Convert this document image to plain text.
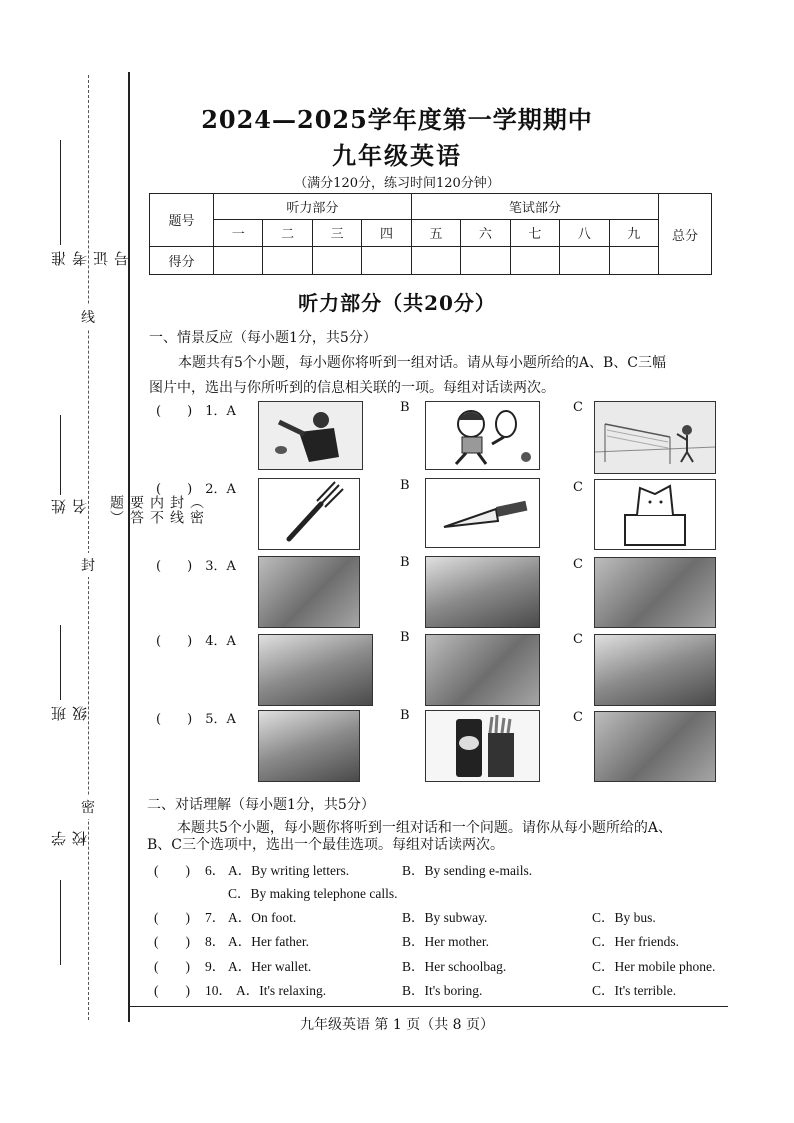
准考证号
姓名
班级
学校
线
封
密
（密封线内不要答题）
2024—2025学年度第一学期期中
九年级英语
（满分120分，练习时间120分钟）
题号	听力部分				笔试部分					总分
	一	二	三	四	五	六	七	八	九	
得分										
听力部分（共20分）
一、情景反应（每小题1分，共5分）
本题共有5个小题，每小题你将听到一组对话。请从每小题所给的A、B、C三幅
图片中，选出与你所听到的信息相关联的一项。每组对话读两次。
(　　) 1．A	B	C
(　　) 2．A	B	C
(　　) 3．A	B	C
(　　) 4．A	B	C
(　　) 5．A	B	C
二、对话理解（每小题1分，共5分）
本题共5个小题，每小题你将听到一组对话和一个问题。请你从每小题所给的A、
B、C三个选项中，选出一个最佳选项。每组对话读两次。
(　　) 6． A．By writing letters.	B．By sending e-mails.
C．By making telephone calls.
(　　) 7． A．On foot.	B．By subway.	C．By bus.
(　　) 8． A．Her father.	B．Her mother.	C．Her friends.
(　　) 9． A．Her wallet.	B．Her schoolbag.	C．Her mobile phone.
(　　) 10． A．It's relaxing.	B．It's boring.	C．It's terrible.
九年级英语 第 1 页（共 8 页）
